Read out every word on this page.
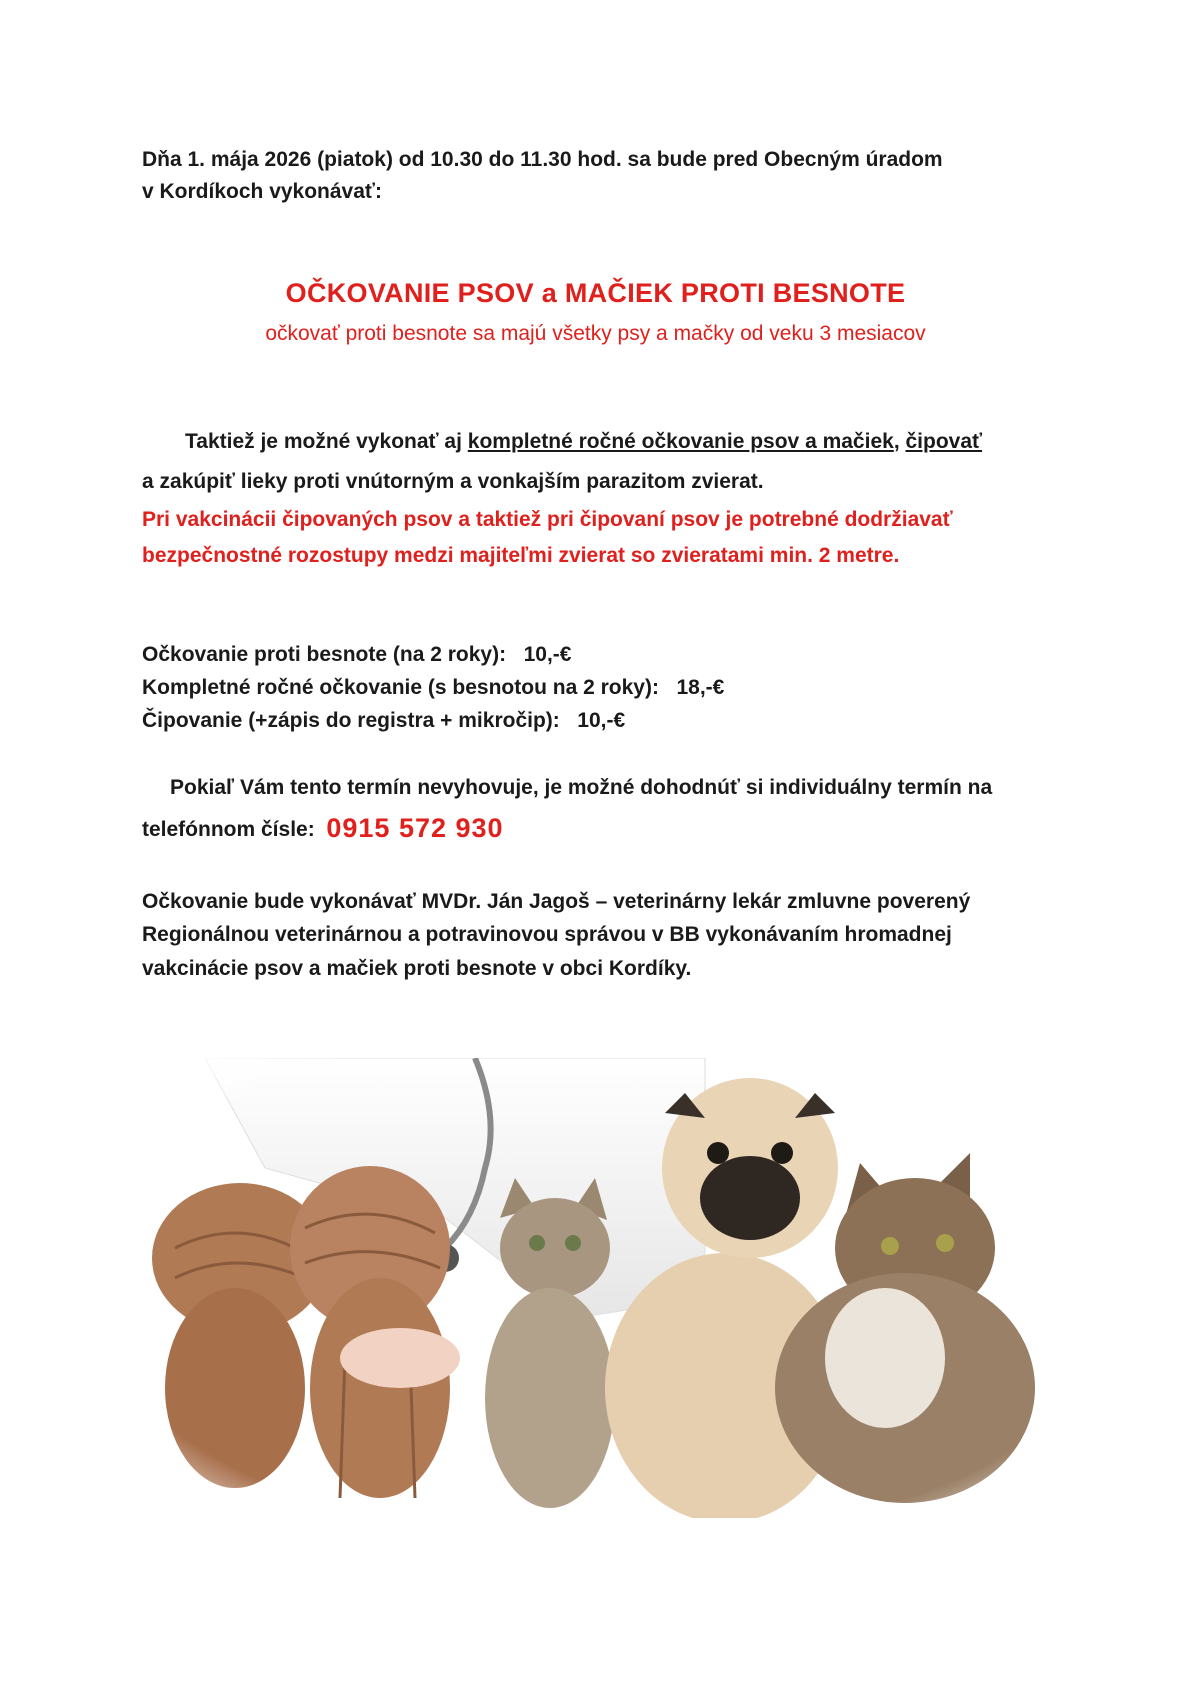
Dňa 1. mája 2026 (piatok) od 10.30 do 11.30 hod. sa bude pred Obecným úradom
v Kordíkoch vykonávať:
OČKOVANIE PSOV a MAČIEK PROTI BESNOTE
očkovať proti besnote sa majú všetky psy a mačky od veku 3 mesiacov
Taktiež je možné vykonať aj kompletné ročné očkovanie psov a mačiek, čipovať
a zakúpiť lieky proti vnútorným a vonkajším parazitom zvierat.
Pri vakcinácii čipovaných psov a taktiež pri čipovaní psov je potrebné dodržiavať
bezpečnostné rozostupy medzi majiteľmi zvierat so zvieratami min. 2 metre.
Očkovanie proti besnote (na 2 roky): 10,-€
Kompletné ročné očkovanie (s besnotou na 2 roky): 18,-€
Čipovanie (+zápis do registra + mikročip): 10,-€
Pokiaľ Vám tento termín nevyhovuje, je možné dohodnúť si individuálny termín na
telefónnom čísle: 0915 572 930
Očkovanie bude vykonávať MVDr. Ján Jagoš – veterinárny lekár zmluvne poverený
Regionálnou veterinárnou a potravinovou správou v BB vykonávaním hromadnej
vakcinácie psov a mačiek proti besnote v obci Kordíky.
